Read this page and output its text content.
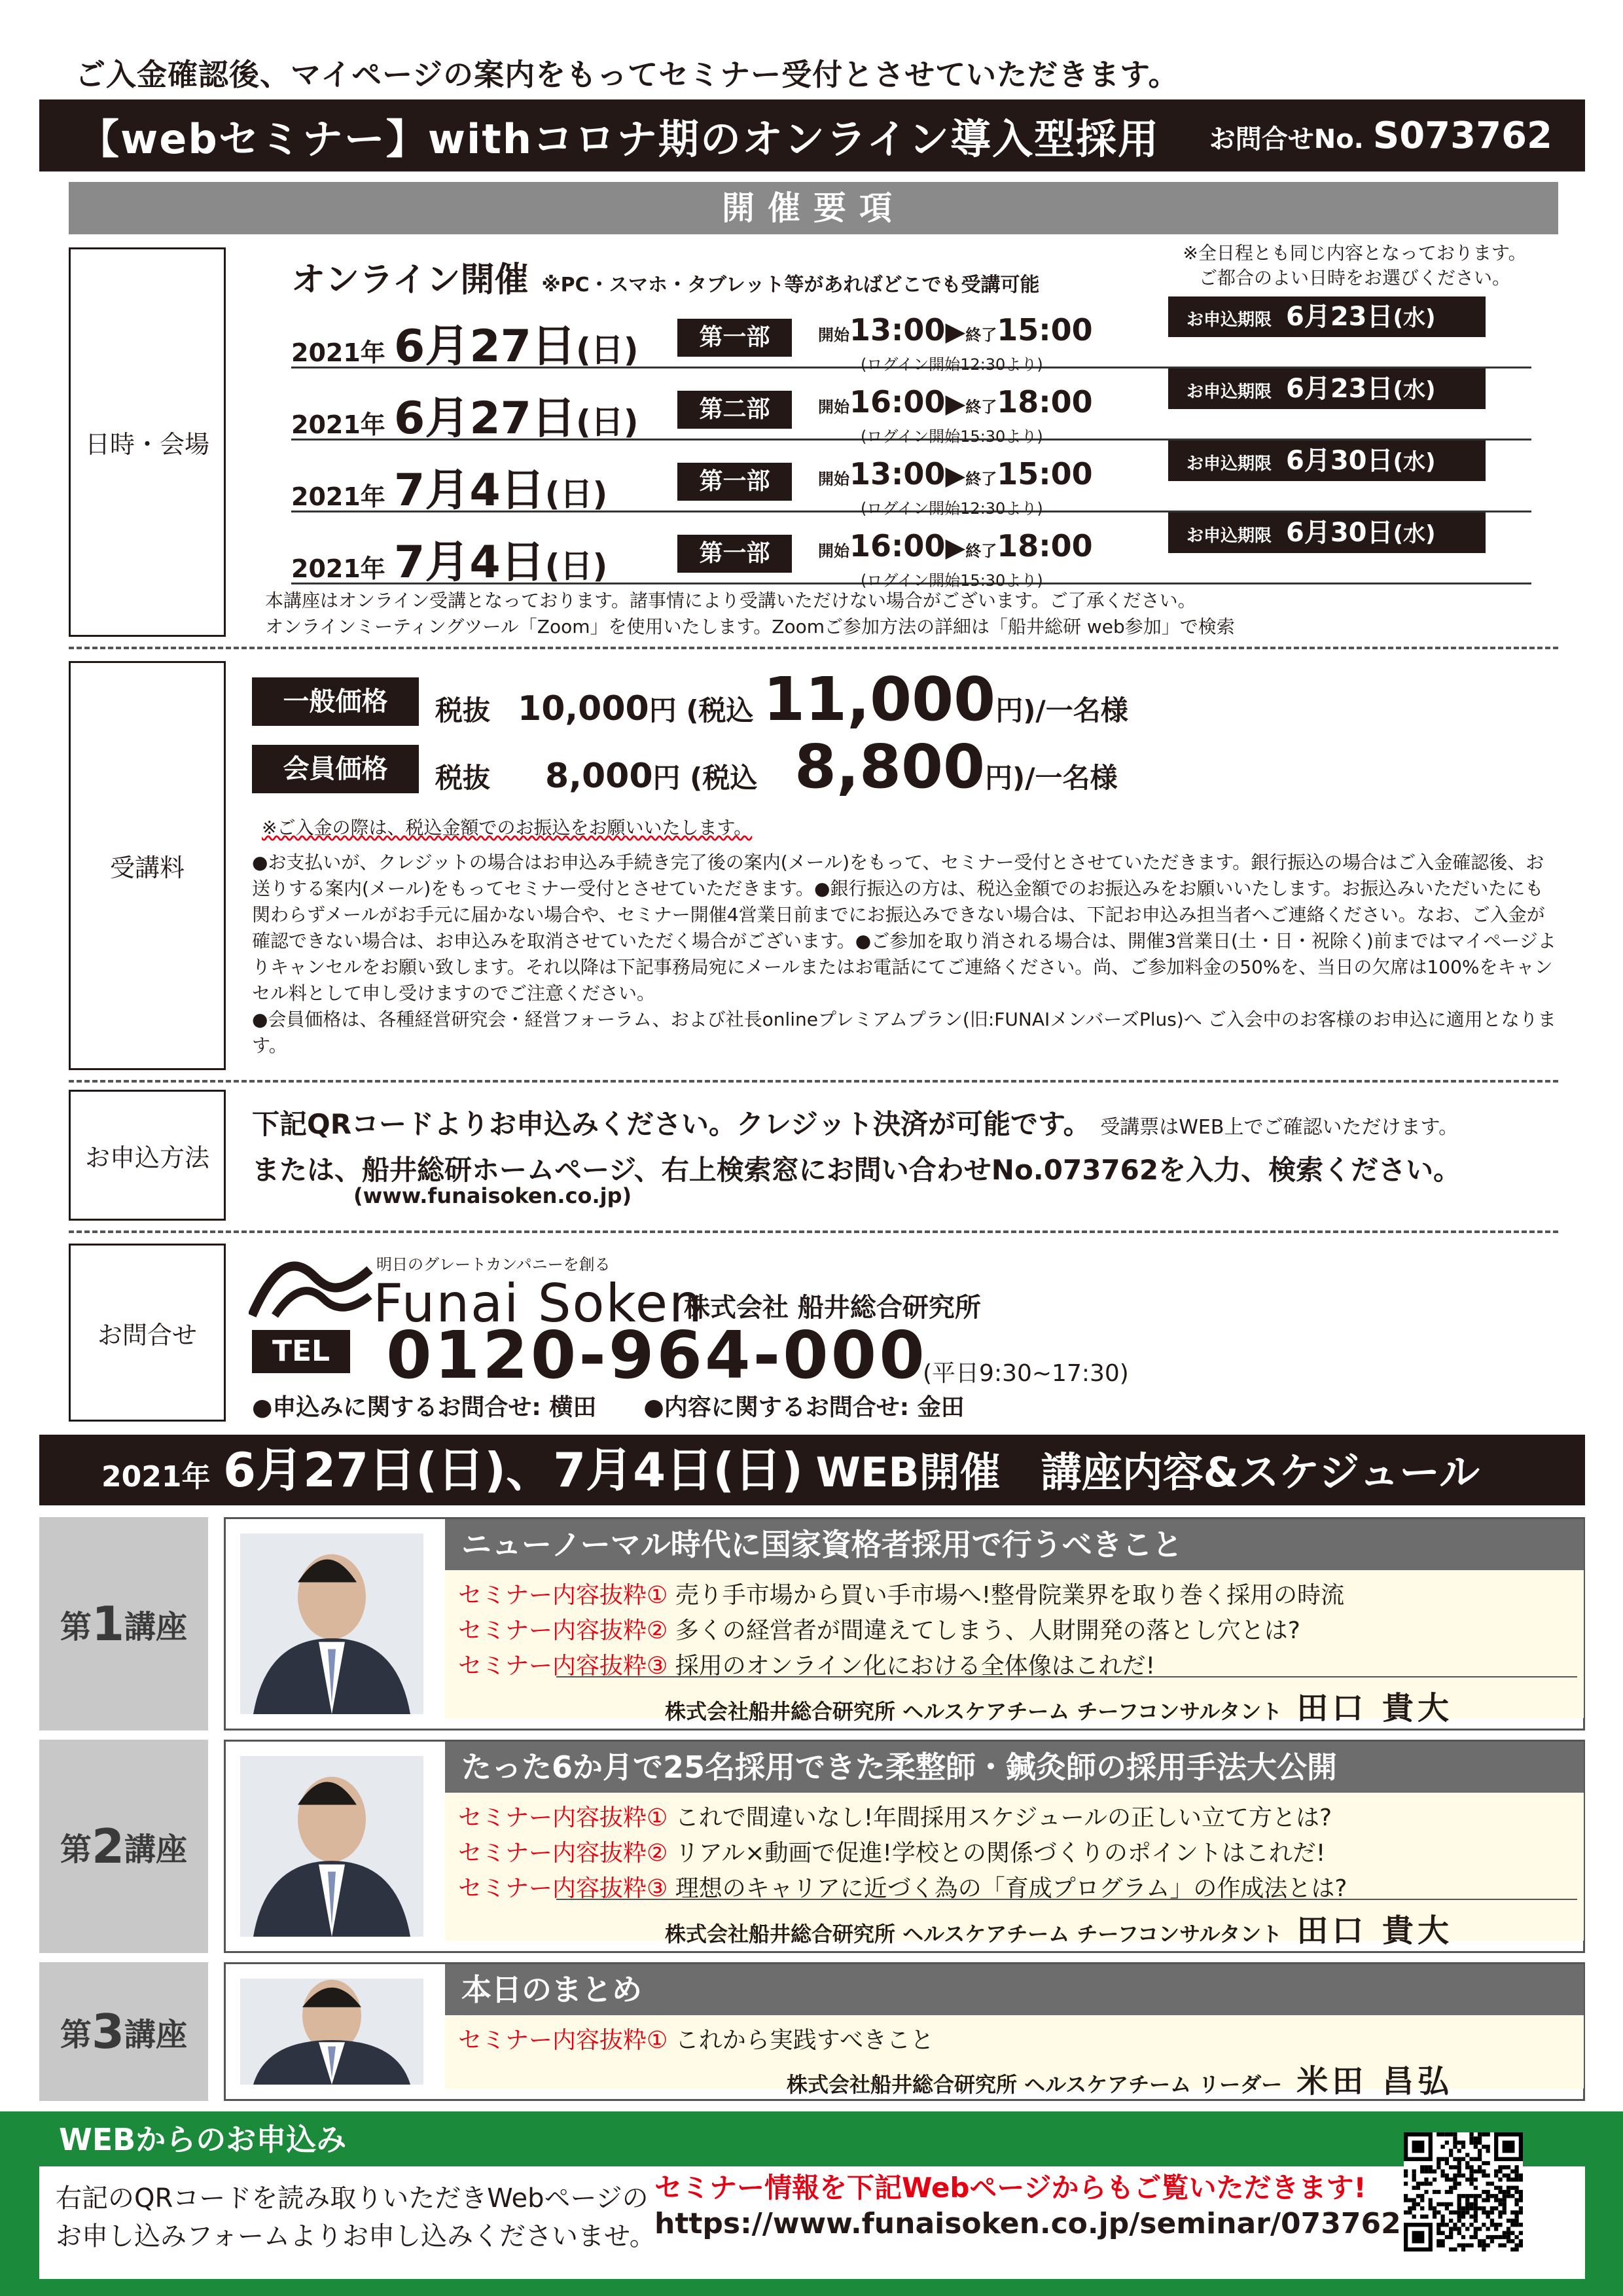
ご入金確認後、マイページの案内をもってセミナー受付とさせていただきます。
【webセミナー】withコロナ期のオンライン導入型採用 お問合せNo. S073762
開催要項
日時・会場
オンライン開催 ※PC・スマホ・タブレット等があればどこでも受講可能
※全日程とも同じ内容となっております。
ご都合のよい日時をお選びください。
2021年 6月27日(日)	第一部	開始13:00▶終了15:00
(ログイン開始12:30より)
お申込期限 6月23日(水)
2021年 6月27日(日)	第二部	開始16:00▶終了18:00
(ログイン開始15:30より)
お申込期限 6月23日(水)
2021年 7月4日(日)	第一部	開始13:00▶終了15:00
(ログイン開始12:30より)
お申込期限 6月30日(水)
2021年 7月4日(日)	第一部	開始16:00▶終了18:00
(ログイン開始15:30より)
お申込期限 6月30日(水)
本講座はオンライン受講となっております。諸事情により受講いただけない場合がございます。ご了承ください。
オンラインミーティングツール「Zoom」を使用いたします。Zoomご参加方法の詳細は「船井総研 web参加」で検索
受講料
一般価格	税抜　 10,000円 (税込 11,000円)/一名様
会員価格	税抜　　 8,000円 (税込　 8,800円)/一名様
※ご入金の際は、税込金額でのお振込をお願いいたします。
●お支払いが、クレジットの場合はお申込み手続き完了後の案内(メール)をもって、セミナー受付とさせていただきます。銀行振込の場合はご入金確認後、お送りする案内(メール)をもってセミナー受付とさせていただきます。●銀行振込の方は、税込金額でのお振込みをお願いいたします。お振込みいただいたにも関わらずメールがお手元に届かない場合や、セミナー開催4営業日前までにお振込みできない場合は、下記お申込み担当者へご連絡ください。なお、ご入金が確認できない場合は、お申込みを取消させていただく場合がございます。●ご参加を取り消される場合は、開催3営業日(土・日・祝除く)前まではマイページよりキャンセルをお願い致します。それ以降は下記事務局宛にメールまたはお電話にてご連絡ください。尚、ご参加料金の50%を、当日の欠席は100%をキャンセル料として申し受けますのでご注意ください。
●会員価格は、各種経営研究会・経営フォーラム、および社長onlineプレミアムプラン(旧:FUNAIメンバーズPlus)へ ご入会中のお客様のお申込に適用となります。
お申込方法
下記QRコードよりお申込みください。クレジット決済が可能です。 受講票はWEB上でご確認いただけます。
または、船井総研ホームページ、右上検索窓にお問い合わせNo.073762を入力、検索ください。
(www.funaisoken.co.jp)
お問合せ
明日のグレートカンパニーを創る
Funai Soken
株式会社 船井総合研究所
TEL 0120-964-000
(平日9:30~17:30)
●申込みに関するお問合せ: 横田　　●内容に関するお問合せ: 金田
2021年 6月27日(日)、7月4日(日) WEB開催　講座内容&スケジュール
第 1 講座
ニューノーマル時代に国家資格者採用で行うべきこと
セミナー内容抜粋① 売り手市場から買い手市場へ!整骨院業界を取り巻く採用の時流
セミナー内容抜粋② 多くの経営者が間違えてしまう、人財開発の落とし穴とは?
セミナー内容抜粋③ 採用のオンライン化における全体像はこれだ!
株式会社船井総合研究所 ヘルスケアチーム チーフコンサルタント 田口 貴大
第 2 講座
たった6か月で25名採用できた柔整師・鍼灸師の採用手法大公開
セミナー内容抜粋① これで間違いなし!年間採用スケジュールの正しい立て方とは?
セミナー内容抜粋② リアル×動画で促進!学校との関係づくりのポイントはこれだ!
セミナー内容抜粋③ 理想のキャリアに近づく為の「育成プログラム」の作成法とは?
株式会社船井総合研究所 ヘルスケアチーム チーフコンサルタント 田口 貴大
第 3 講座
本日のまとめ
セミナー内容抜粋① これから実践すべきこと
株式会社船井総合研究所 ヘルスケアチーム リーダー 米田 昌弘
WEBからのお申込み
右記のQRコードを読み取りいただきWebページの
お申し込みフォームよりお申し込みくださいませ。
セミナー情報を下記Webページからもご覧いただきます!
https://www.funaisoken.co.jp/seminar/073762
